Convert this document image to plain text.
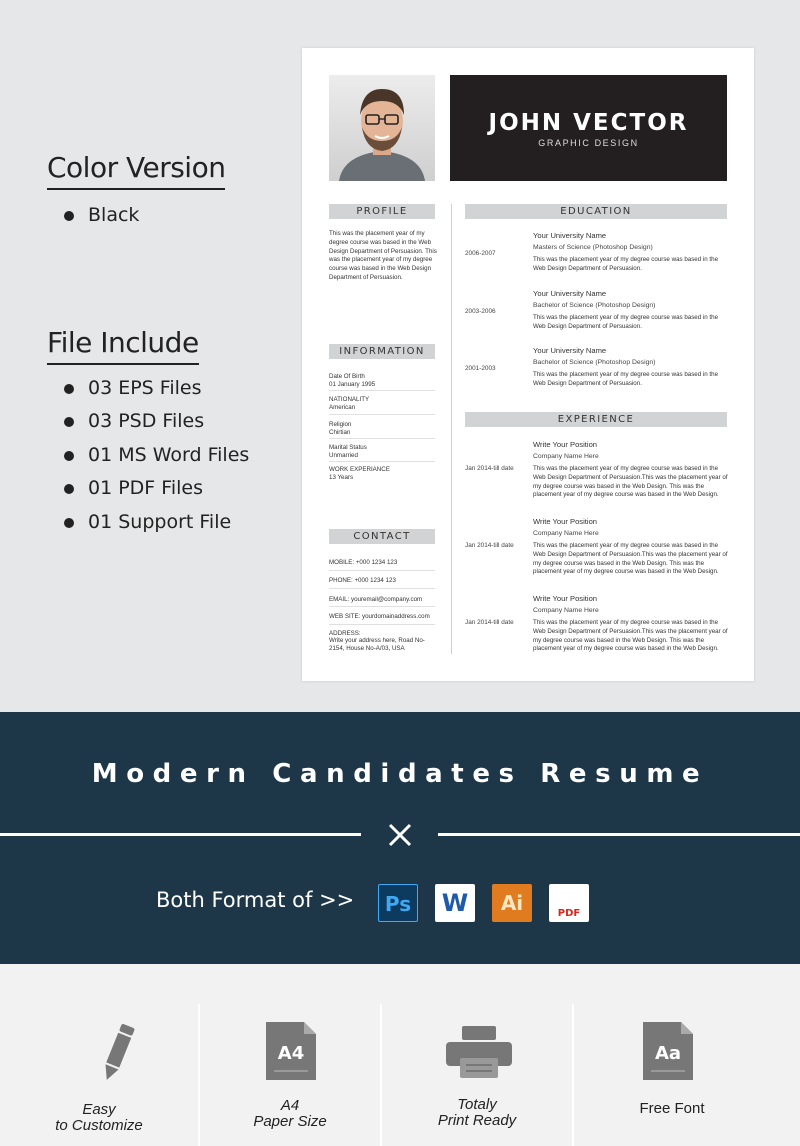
Color Version
Black
File Include
03 EPS Files
03 PSD Files
01 MS Word Files
01 PDF Files
01 Support File
JOHN VECTOR
GRAPHIC DESIGN
PROFILE
This was the placement year of my degree course was based in the Web Design Department of Persuasion. This was the placement year of my degree course was based in the Web Design Department of Persuasion.
INFORMATION
Date Of Birth
01 January 1995
NATIONALITY
American
Religion
Chirtian
Marital Status
Unmarried
WORK EXPERIANCE
13 Years
CONTACT
MOBILE: +000 1234 123
PHONE: +000 1234 123
EMAIL: youremail@company.com
WEB SITE: yourdomainaddress.com
ADDRESS:
Write your address here, Road No-2154, House No-A/03, USA
EDUCATION
2006-2007
Your University Name
Masters of Science (Photoshop Design)
This was the placement year of my degree course was based in the Web Design Department of Persuasion.
2003-2006
Your University Name
Bachelor of Science (Photoshop Design)
This was the placement year of my degree course was based in the Web Design Department of Persuasion.
2001-2003
Your University Name
Bachelor of Science (Photoshop Design)
This was the placement year of my degree course was based in the Web Design Department of Persuasion.
EXPERIENCE
Jan 2014-till date
Write Your Position
Company Name Here
This was the placement year of my degree course was based in the Web Design Department of Persuasion.This was the placement year of my degree course was based in the Web Design. This was the placement year of my degree course was based in the Web Design.
Jan 2014-till date
Write Your Position
Company Name Here
This was the placement year of my degree course was based in the Web Design Department of Persuasion.This was the placement year of my degree course was based in the Web Design. This was the placement year of my degree course was based in the Web Design.
Jan 2014-till date
Write Your Position
Company Name Here
This was the placement year of my degree course was based in the Web Design Department of Persuasion.This was the placement year of my degree course was based in the Web Design. This was the placement year of my degree course was based in the Web Design.
Modern Candidates Resume
Both Format of >>	Ps W	Ai	PDF
Easy
to Customize
A4
A4
Paper Size
Totaly
Print Ready
Aa
Free Font
